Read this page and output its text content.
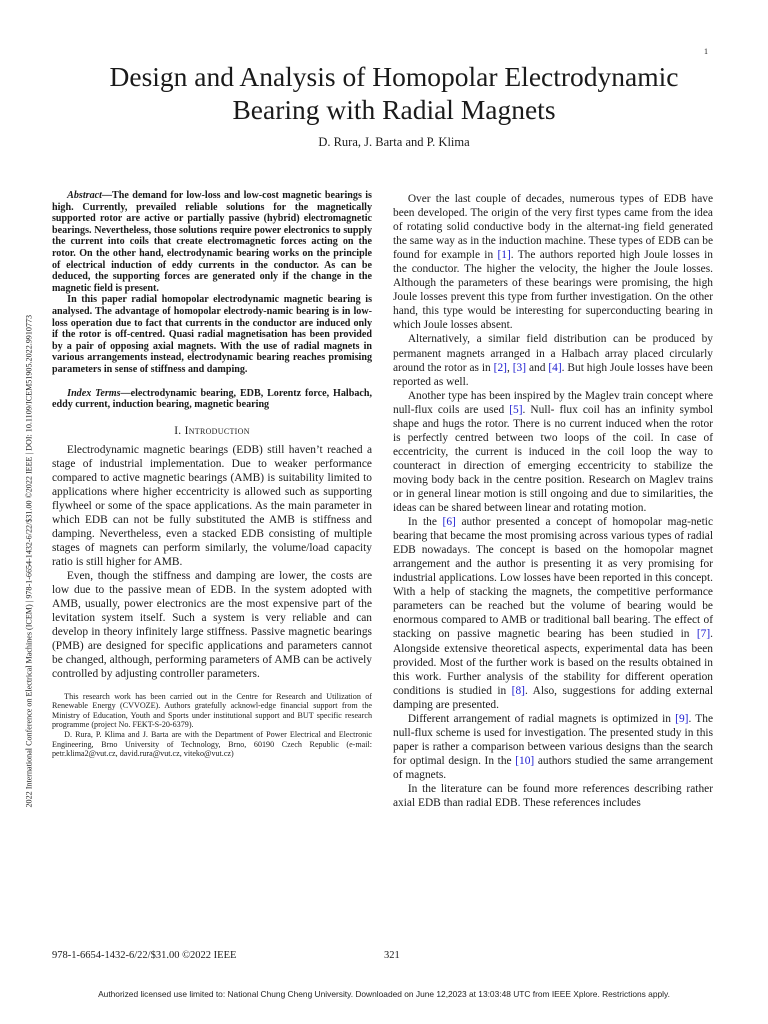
1
2022 International Conference on Electrical Machines (ICEM) | 978-1-6654-1432-6/22/$31.00 ©2022 IEEE | DOI: 10.1109/ICEM51905.2022.9910773
Design and Analysis of Homopolar Electrodynamic
Bearing with Radial Magnets
D. Rura, J. Barta and P. Klima

Abstract—The demand for low-loss and low-cost magnetic bearings is high. Currently, prevailed reliable solutions for the magnetically supported rotor are active or partially passive (hybrid) electromagnetic bearings. Nevertheless, those solutions require power electronics to supply the current into coils that create electromagnetic forces acting on the rotor. On the other hand, electrodynamic bearing works on the principle of electrical induction of eddy currents in the conductor. As can be deduced, the supporting forces are generated only if the change in the magnetic field is present.

In this paper radial homopolar electrodynamic magnetic bearing is analysed. The advantage of homopolar electrody-namic bearing is in low-loss operation due to fact that currents in the conductor are induced only if the rotor is off-centred. Quasi radial magnetisation has been provided by a pair of opposing axial magnets. With the use of radial magnets in various arrangements instead, electrodynamic bearing reaches promising parameters in sense of stiffness and damping.

Index Terms—electrodynamic bearing, EDB, Lorentz force, Halbach, eddy current, induction bearing, magnetic bearing

I. Introduction

Electrodynamic magnetic bearings (EDB) still haven’t reached a stage of industrial implementation. Due to weaker performance compared to active magnetic bearings (AMB) is suitability limited to applications where higher eccentricity is allowed such as supporting flywheel or some of the space applications. As the main parameter in which EDB can not be fully substituted the AMB is stiffness and damping. Nevertheless, even a stacked EDB consisting of multiple stages of magnets can perform similarly, the volume/load capacity ratio is still higher for AMB.

Even, though the stiffness and damping are lower, the costs are low due to the passive mean of EDB. In the system adopted with AMB, usually, power electronics are the most expensive part of the levitation system itself. Such a system is very reliable and can develop in theory infinitely large stiffness. Passive magnetic bearings (PMB) are designed for specific applications and parameters cannot be changed, although, performing parameters of AMB can be actively controlled by adjusting controller parameters.

This research work has been carried out in the Centre for Research and Utilization of Renewable Energy (CVVOZE). Authors gratefully acknowl-edge financial support from the Ministry of Education, Youth and Sports under institutional support and BUT specific research programme (project No. FEKT-S-20-6379).

D. Rura, P. Klima and J. Barta are with the Department of Power Electrical and Electronic Engineering, Brno University of Technology, Brno, 60190 Czech Republic (e-mail: petr.klima2@vut.cz, david.rura@vut.cz, viteko@vut.cz)

Over the last couple of decades, numerous types of EDB have been developed. The origin of the very first types came from the idea of rotating solid conductive body in the alternat-ing field generated the same way as in the induction machine. These types of EDB can be found for example in [1]. The authors reported high Joule losses in the conductor. The higher the velocity, the higher the Joule losses. Although the parameters of these bearings were promising, the high Joule losses prevent this type from further investigation. On the other hand, this type would be interesting for superconducting bearing in which Joule losses absent.

Alternatively, a similar field distribution can be produced by permanent magnets arranged in a Halbach array placed circularly around the rotor as in [2], [3] and [4]. But high Joule losses have been reported as well.

Another type has been inspired by the Maglev train concept where null-flux coils are used [5]. Null- flux coil has an infinity symbol shape and hugs the rotor. There is no current induced when the rotor is perfectly centred between two loops of the coil. In case of eccentricity, the current is induced in the coil loop the way to counteract in direction of emerging eccentricity to stabilize the moving body back in the centre position. Research on Maglev trains or in general linear motion is still ongoing and due to similarities, the ideas can be shared between linear and rotating motion.

In the [6] author presented a concept of homopolar mag-netic bearing that became the most promising across various types of radial EDB nowadays. The concept is based on the homopolar magnet arrangement and the author is presenting it as very promising for industrial applications. Low losses have been reported in this concept. With a help of stacking the magnets, the competitive performance parameters can be reached but the volume of bearing would be enormous compared to AMB or traditional ball bearing. The effect of stacking on passive magnetic bearing has been studied in [7]. Alongside extensive theoretical aspects, experimental data has been provided. Most of the further work is based on the results obtained in this work. Further analysis of the stability for different operation conditions is studied in [8]. Also, suggestions for adding external damping are presented.

Different arrangement of radial magnets is optimized in [9]. The null-flux scheme is used for investigation. The presented study in this paper is rather a comparison between various designs than the search for optimal design. In the [10] authors studied the same arrangement of magnets.

In the literature can be found more references describing rather axial EDB than radial EDB. These references includes

978-1-6654-1432-6/22/$31.00 ©2022 IEEE	321
Authorized licensed use limited to: National Chung Cheng University. Downloaded on June 12,2023 at 13:03:48 UTC from IEEE Xplore. Restrictions apply.
